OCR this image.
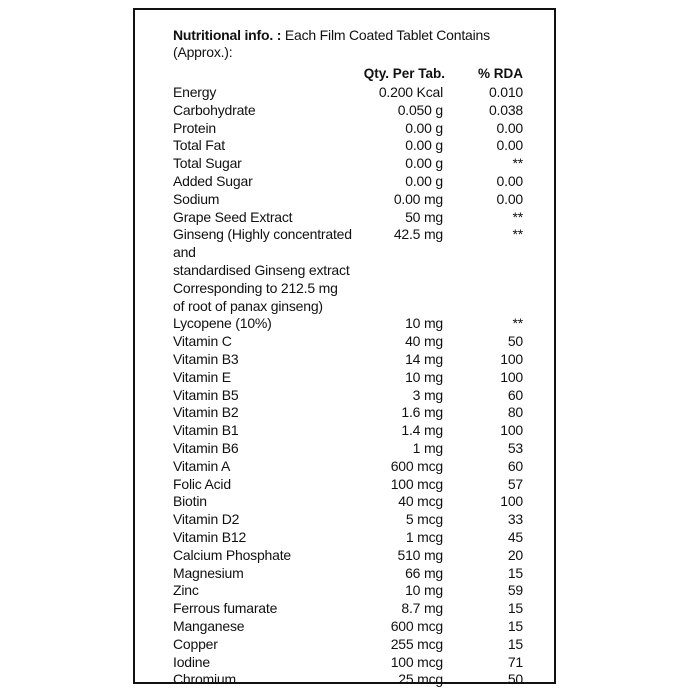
Nutritional info. : Each Film Coated Tablet Contains (Approx.):
Qty. Per Tab. % RDA
Energy	0.200 Kcal	0.010
Carbohydrate	0.050 g	0.038
Protein	0.00 g	0.00
Total Fat	0.00 g	0.00
Total Sugar	0.00 g	**
Added Sugar	0.00 g	0.00
Sodium	0.00 mg	0.00
Grape Seed Extract	50 mg	**
Ginseng (Highly concentrated and
standardised Ginseng extract
Corresponding to 212.5 mg
of root of panax ginseng)
42.5 mg	**
Lycopene (10%)	10 mg	**
Vitamin C	40 mg	50
Vitamin B3	14 mg	100
Vitamin E	10 mg	100
Vitamin B5	3 mg	60
Vitamin B2	1.6 mg	80
Vitamin B1	1.4 mg	100
Vitamin B6	1 mg	53
Vitamin A	600 mcg	60
Folic Acid	100 mcg	57
Biotin	40 mcg	100
Vitamin D2	5 mcg	33
Vitamin B12	1 mcg	45
Calcium Phosphate	510 mg	20
Magnesium	66 mg	15
Zinc	10 mg	59
Ferrous fumarate	8.7 mg	15
Manganese	600 mcg	15
Copper	255 mcg	15
Iodine	100 mcg	71
Chromium	25 mcg	50
